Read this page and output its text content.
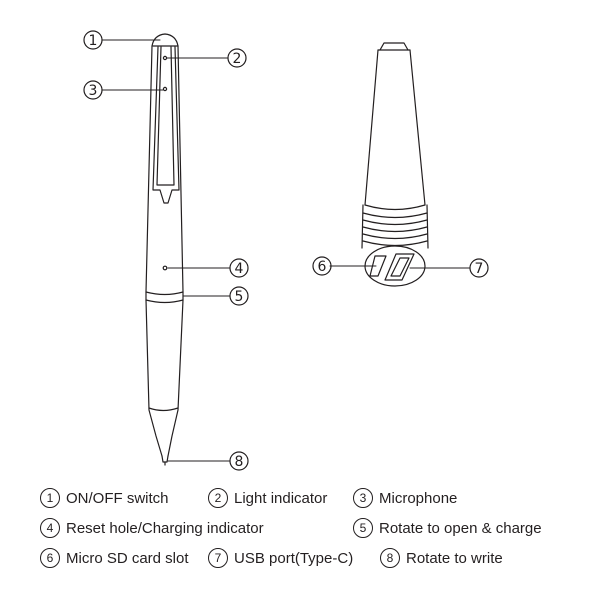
1
2
3
4
5
6	7
8
1 ON/OFF switch	2 Light indicator	3 Microphone
4 Reset hole/Charging indicator	5 Rotate to open & charge
6 Micro SD card slot	7 USB port(Type-C)	8 Rotate to write
